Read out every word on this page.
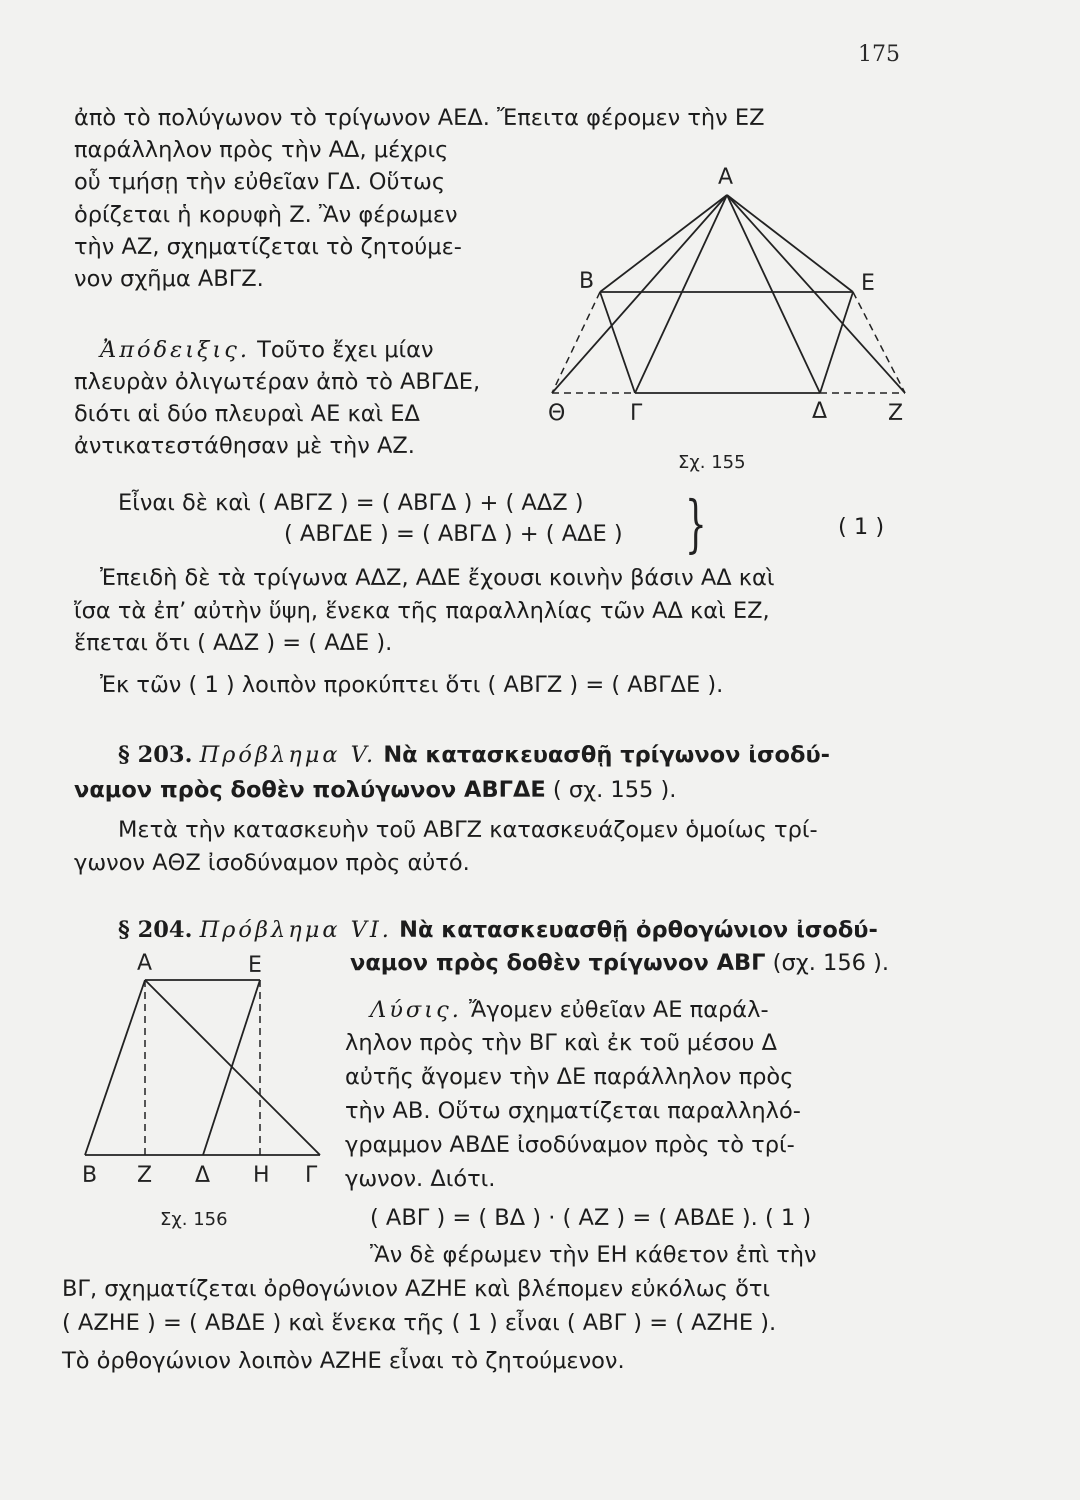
175
ἀπὸ τὸ πολύγωνον τὸ τρίγωνον ΑΕΔ. Ἔπειτα φέρομεν τὴν ΕΖ
παράλληλον πρὸς τὴν ΑΔ, μέχρις
οὗ τμήσῃ τὴν εὐθεῖαν ΓΔ. Οὕτως
ὁρίζεται ἡ κορυφὴ Ζ. Ἂν φέρωμεν
τὴν ΑΖ, σχηματίζεται τὸ ζητούμε-
νον σχῆμα ΑΒΓΖ.
Ἀπόδειξις. Τοῦτο ἔχει μίαν
πλευρὰν ὀλιγωτέραν ἀπὸ τὸ ΑΒΓΔΕ,
διότι αἱ δύο πλευραὶ ΑΕ καὶ ΕΔ
ἀντικατεστάθησαν μὲ τὴν ΑΖ.
Α
Β	Ε
Θ	Γ	Δ	Ζ
Σχ. 155
Εἶναι δὲ καὶ ( ΑΒΓΖ ) = ( ΑΒΓΔ ) + ( ΑΔΖ )
( ΑΒΓΔΕ ) = ( ΑΒΓΔ ) + ( ΑΔΕ ) }	( 1 )
Ἐπειδὴ δὲ τὰ τρίγωνα ΑΔΖ, ΑΔΕ ἔχουσι κοινὴν βάσιν ΑΔ καὶ
ἴσα τὰ ἐπ’ αὐτὴν ὕψη, ἕνεκα τῆς παραλληλίας τῶν ΑΔ καὶ ΕΖ,
ἕπεται ὅτι ( ΑΔΖ ) = ( ΑΔΕ ).
Ἐκ τῶν ( 1 ) λοιπὸν προκύπτει ὅτι ( ΑΒΓΖ ) = ( ΑΒΓΔΕ ).
§ 203. Πρόβλημα V. Νὰ κατασκευασθῇ τρίγωνον ἰσοδύ-
ναμον πρὸς δοθὲν πολύγωνον ΑΒΓΔΕ ( σχ. 155 ).
Μετὰ τὴν κατασκευὴν τοῦ ΑΒΓΖ κατασκευάζομεν ὁμοίως τρί-
γωνον ΑΘΖ ἰσοδύναμον πρὸς αὐτό.
§ 204. Πρόβλημα VI. Νὰ κατασκευασθῇ ὀρθογώνιον ἰσοδύ-
ναμον πρὸς δοθὲν τρίγωνον ΑΒΓ (σχ. 156 ).
Λύσις. Ἄγομεν εὐθεῖαν ΑΕ παράλ-
ληλον πρὸς τὴν ΒΓ καὶ ἐκ τοῦ μέσου Δ
αὐτῆς ἄγομεν τὴν ΔΕ παράλληλον πρὸς
τὴν ΑΒ. Οὕτω σχηματίζεται παραλληλό-
γραμμον ΑΒΔΕ ἰσοδύναμον πρὸς τὸ τρί-
γωνον. Διότι.
( ΑΒΓ ) = ( ΒΔ ) · ( ΑΖ ) = ( ΑΒΔΕ ). ( 1 )
Ἂν δὲ φέρωμεν τὴν ΕΗ κάθετον ἐπὶ τὴν
ΒΓ, σχηματίζεται ὀρθογώνιον ΑΖΗΕ καὶ βλέπομεν εὐκόλως ὅτι
( ΑΖΗΕ ) = ( ΑΒΔΕ ) καὶ ἕνεκα τῆς ( 1 ) εἶναι ( ΑΒΓ ) = ( ΑΖΗΕ ).
Τὸ ὀρθογώνιον λοιπὸν ΑΖΗΕ εἶναι τὸ ζητούμενον.
Α	Ε
Β Ζ Δ Η Γ
Σχ. 156
